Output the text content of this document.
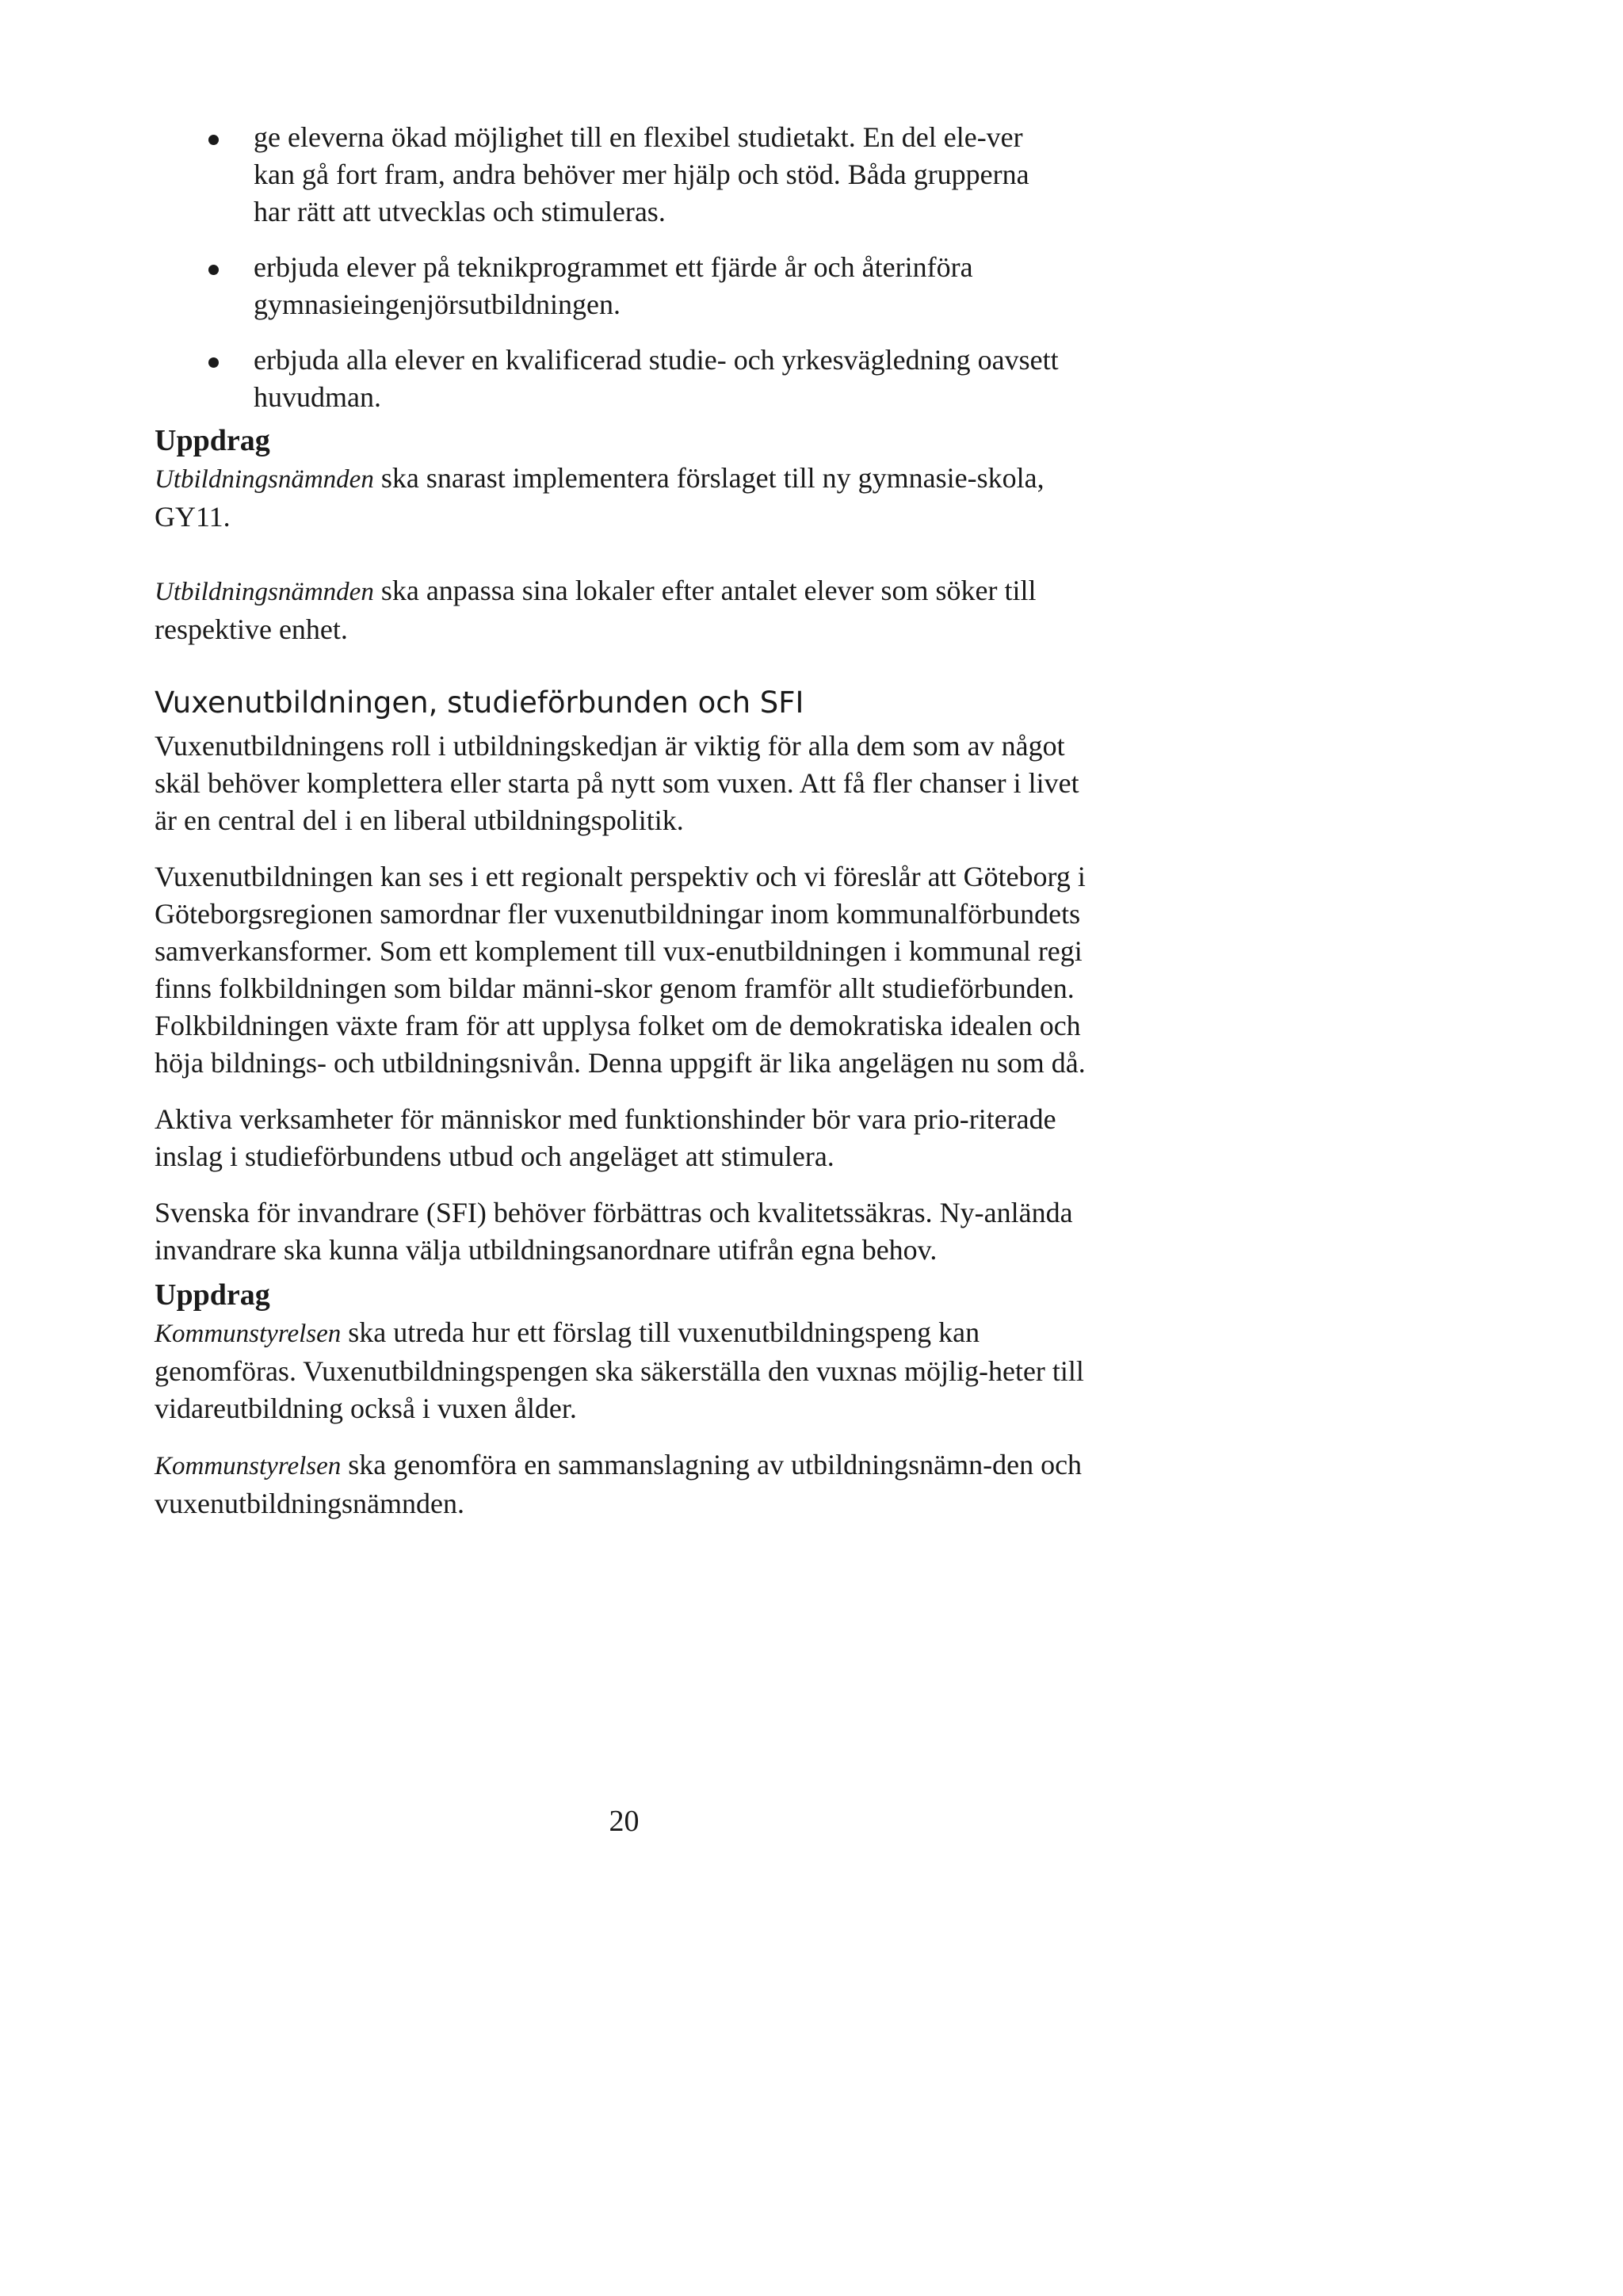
ge eleverna ökad möjlighet till en flexibel studietakt. En del ele-ver kan gå fort fram, andra behöver mer hjälp och stöd. Båda grupperna har rätt att utvecklas och stimuleras.
erbjuda elever på teknikprogrammet ett fjärde år och återinföra gymnasieingenjörsutbildningen.
erbjuda alla elever en kvalificerad studie- och yrkesvägledning oavsett huvudman.
Uppdrag

Utbildningsnämnden ska snarast implementera förslaget till ny gymnasie-skola, GY11.

Utbildningsnämnden ska anpassa sina lokaler efter antalet elever som söker till respektive enhet.

Vuxenutbildningen, studieförbunden och SFI

Vuxenutbildningens roll i utbildningskedjan är viktig för alla dem som av något skäl behöver komplettera eller starta på nytt som vuxen. Att få fler chanser i livet är en central del i en liberal utbildningspolitik.

Vuxenutbildningen kan ses i ett regionalt perspektiv och vi föreslår att Göteborg i Göteborgsregionen samordnar fler vuxenutbildningar inom kommunalförbundets samverkansformer. Som ett komplement till vux-enutbildningen i kommunal regi finns folkbildningen som bildar männi-skor genom framför allt studieförbunden. Folkbildningen växte fram för att upplysa folket om de demokratiska idealen och höja bildnings- och utbildningsnivån. Denna uppgift är lika angelägen nu som då.

Aktiva verksamheter för människor med funktionshinder bör vara prio-riterade inslag i studieförbundens utbud och angeläget att stimulera.

Svenska för invandrare (SFI) behöver förbättras och kvalitetssäkras. Ny-anlända invandrare ska kunna välja utbildningsanordnare utifrån egna behov.

Uppdrag

Kommunstyrelsen ska utreda hur ett förslag till vuxenutbildningspeng kan genomföras. Vuxenutbildningspengen ska säkerställa den vuxnas möjlig-heter till vidareutbildning också i vuxen ålder.

Kommunstyrelsen ska genomföra en sammanslagning av utbildningsnämn-den och vuxenutbildningsnämnden.

20
